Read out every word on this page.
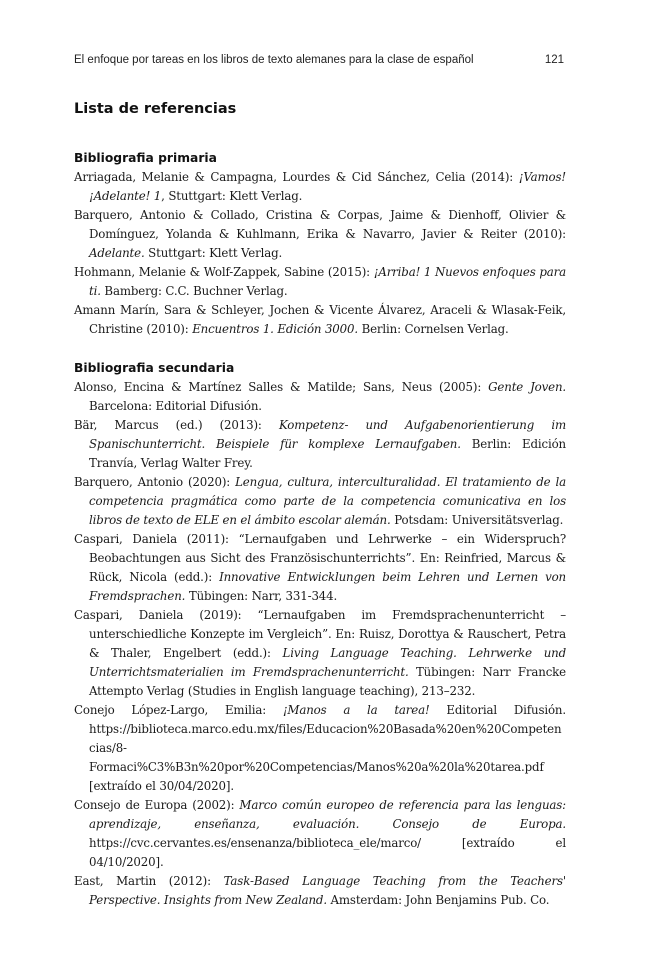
El enfoque por tareas en los libros de texto alemanes para la clase de español	121
Lista de referencias
Bibliografia primaria
Arriagada, Melanie & Campagna, Lourdes & Cid Sánchez, Celia (2014): ¡Vamos!¡Adelante! 1, Stuttgart: Klett Verlag.
Barquero, Antonio & Collado, Cristina & Corpas, Jaime & Dienhoff, Olivier & Domínguez, Yolanda & Kuhlmann, Erika & Navarro, Javier & Reiter (2010): Adelante. Stuttgart: Klett Verlag.
Hohmann, Melanie & Wolf-Zappek, Sabine (2015): ¡Arriba! 1 Nuevos enfoques para ti. Bamberg: C.C. Buchner Verlag.
Amann Marín, Sara & Schleyer, Jochen & Vicente Álvarez, Araceli & Wlasak-Feik, Christine (2010): Encuentros 1. Edición 3000. Berlin: Cornelsen Verlag.
Bibliografia secundaria
Alonso, Encina & Martínez Salles & Matilde; Sans, Neus (2005): Gente Joven. Barcelona: Editorial Difusión.
Bär, Marcus (ed.) (2013): Kompetenz- und Aufgabenorientierung im Spanischunterricht. Beispiele für komplexe Lernaufgaben. Berlin: Edición Tranvía, Verlag Walter Frey.
Barquero, Antonio (2020): Lengua, cultura, interculturalidad. El tratamiento de la competencia pragmática como parte de la competencia comunicativa en los libros de texto de ELE en el ámbito escolar alemán. Potsdam: Universitätsverlag.
Caspari, Daniela (2011): “Lernaufgaben und Lehrwerke – ein Widerspruch? Beobachtungen aus Sicht des Französischunterrichts”. En: Reinfried, Marcus & Rück, Nicola (edd.): Innovative Entwicklungen beim Lehren und Lernen von Fremdsprachen. Tübingen: Narr, 331-344.
Caspari, Daniela (2019): “Lernaufgaben im Fremdsprachenunterricht – unterschiedliche Konzepte im Vergleich”. En: Ruisz, Dorottya & Rauschert, Petra & Thaler, Engelbert (edd.): Living Language Teaching. Lehrwerke und Unterrichtsmaterialien im Fremdsprachenunterricht. Tübingen: Narr Francke Attempto Verlag (Studies in English language teaching), 213–232.
Conejo López-Largo, Emilia: ¡Manos a la tarea! Editorial Difusión. https://biblioteca.marco.edu.mx/files/Educacion%20Basada%20en%20Competencias/8-Formaci%C3%B3n%20por%20Competencias/Manos%20a%20la%20tarea.pdf [extraído el 30/04/2020].
Consejo de Europa (2002): Marco común europeo de referencia para las lenguas: aprendizaje, enseñanza, evaluación. Consejo de Europa. https://cvc.cervantes.es/ensenanza/biblioteca_ele/marco/ [extraído el 04/10/2020].
East, Martin (2012): Task-Based Language Teaching from the Teachers' Perspective. Insights from New Zealand. Amsterdam: John Benjamins Pub. Co.
